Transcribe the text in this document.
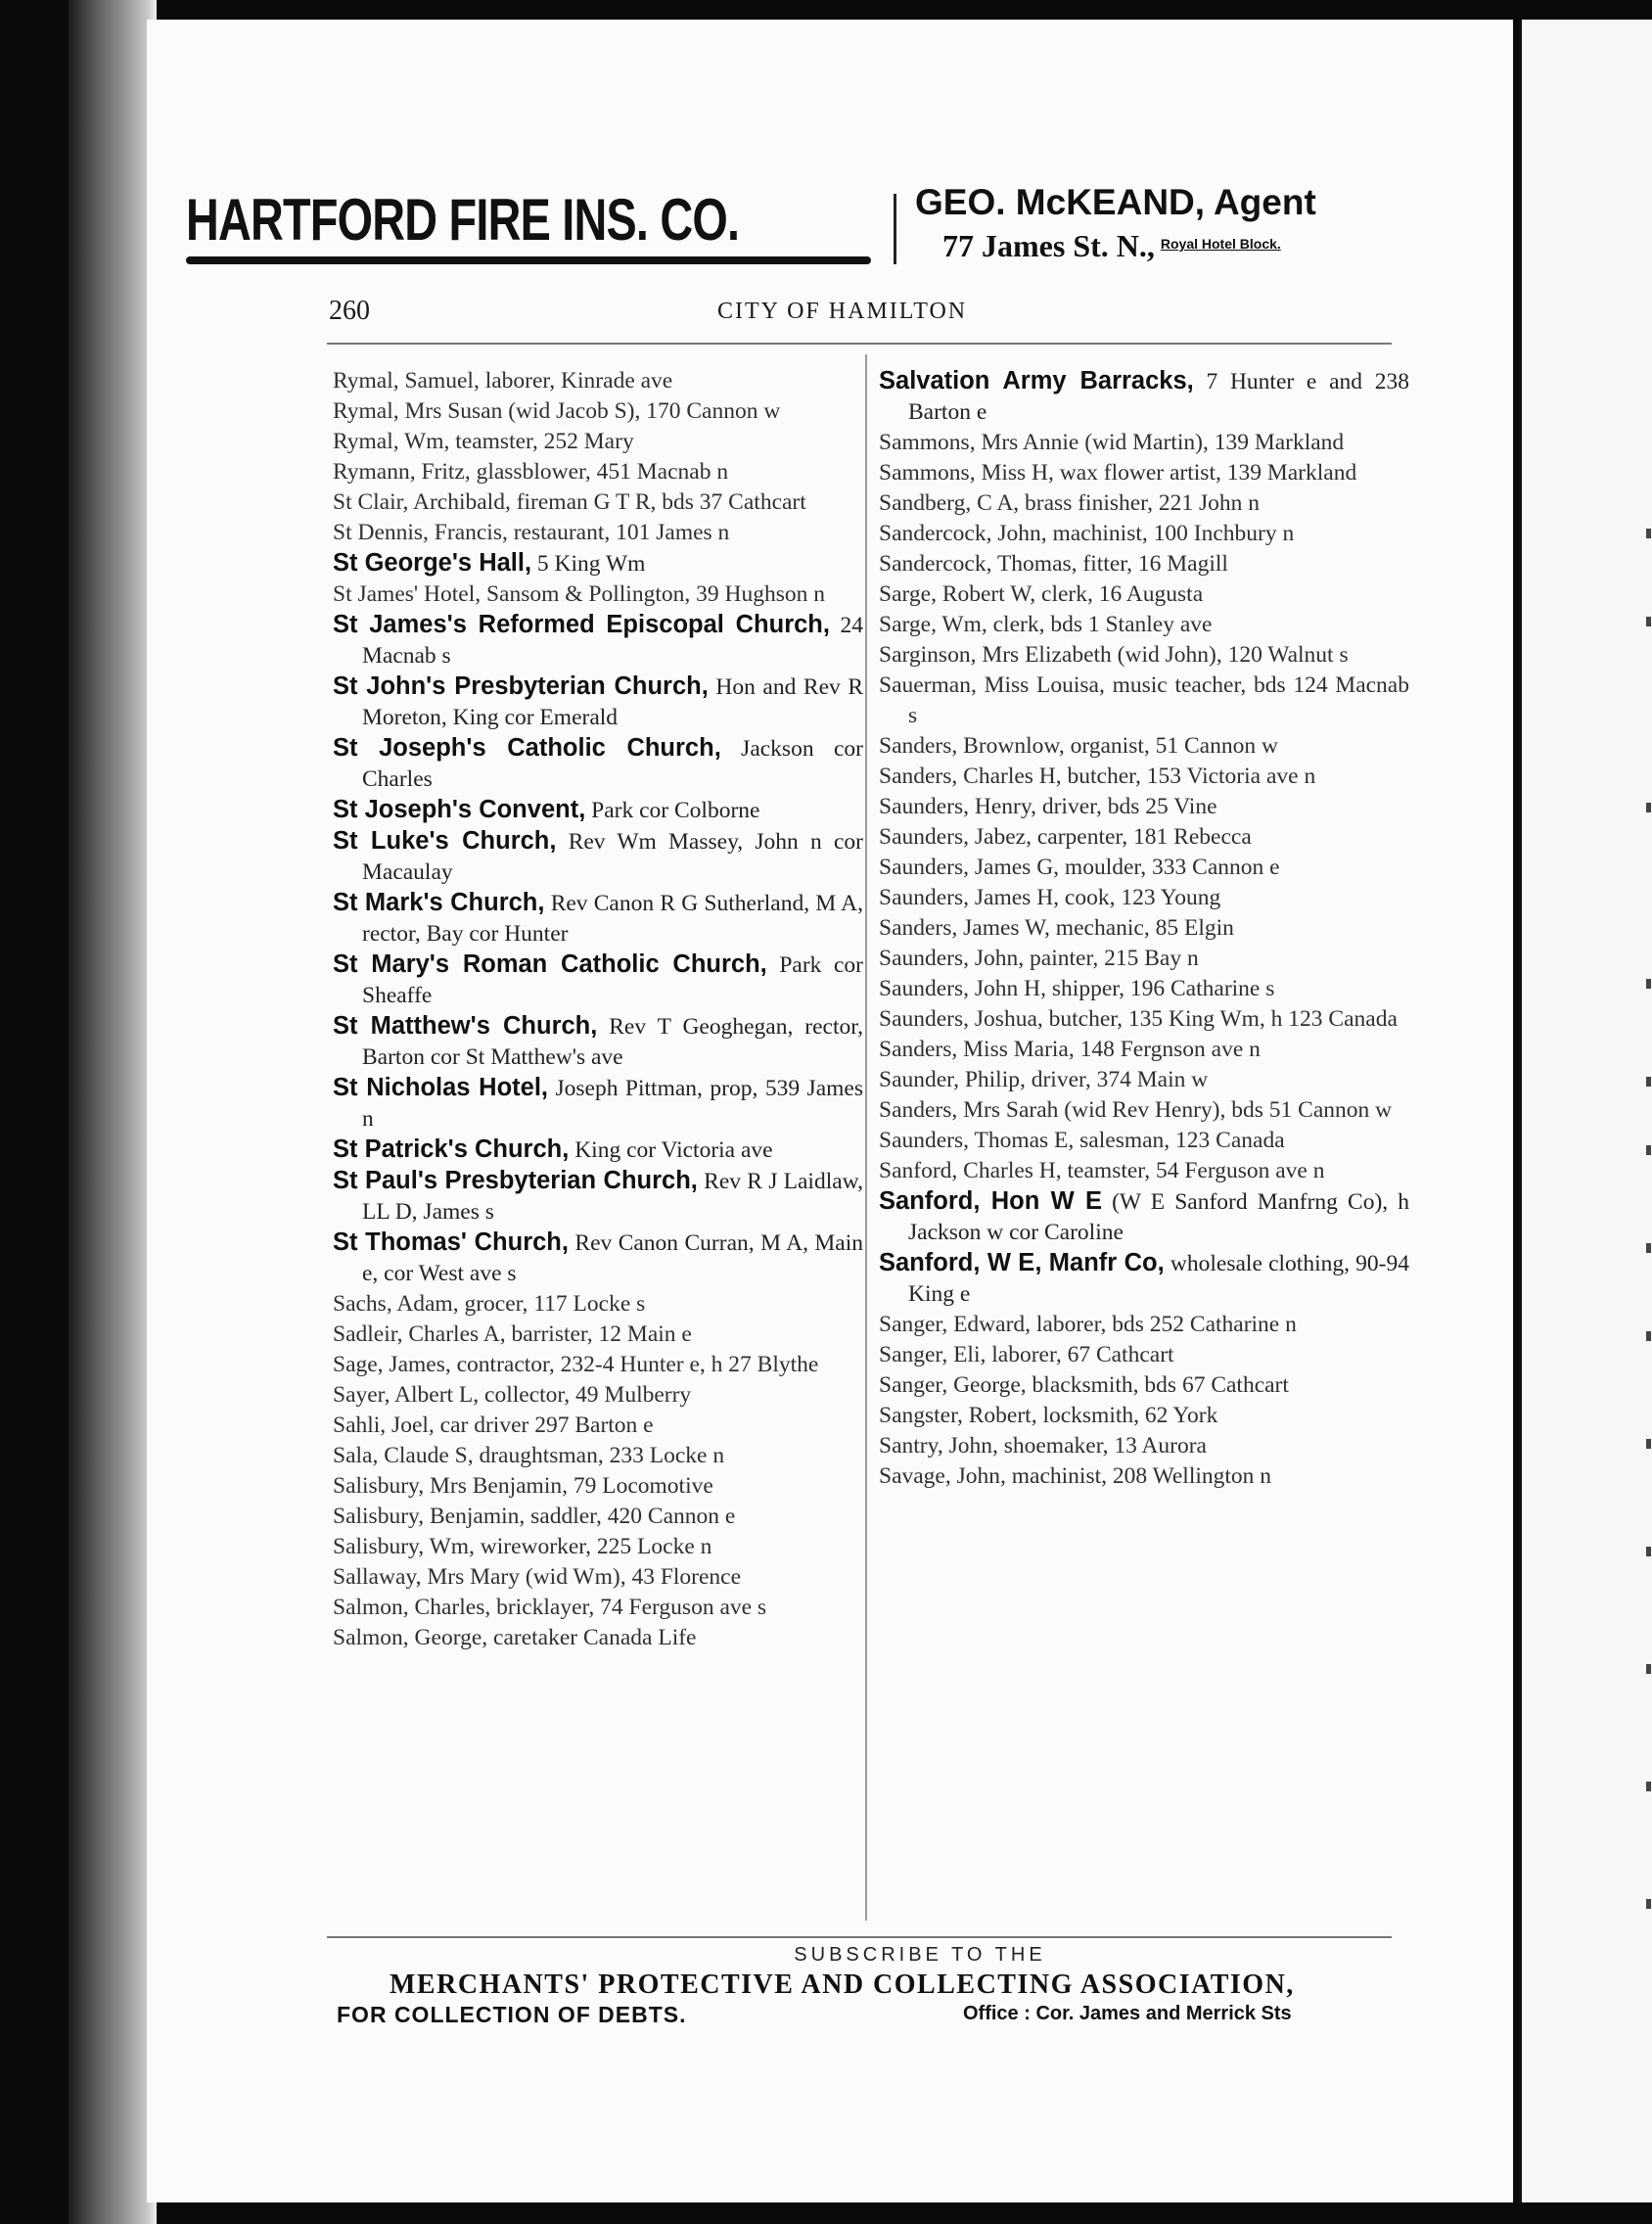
HARTFORD FIRE INS. CO.	GEO. McKEAND, Agent
77 James St. N., $^{Royal Hotel Block.}$
260	CITY OF HAMILTON

Rymal, Samuel, laborer, Kinrade ave

Rymal, Mrs Susan (wid Jacob S), 170 Cannon w

Rymal, Wm, teamster, 252 Mary

Rymann, Fritz, glassblower, 451 Macnab n

St Clair, Archibald, fireman G T R, bds 37 Cathcart

St Dennis, Francis, restaurant, 101 James n

St George's Hall, 5 King Wm

St James' Hotel, Sansom & Pollington, 39 Hughson n

St James's Reformed Episcopal Church, 24 Macnab s

St John's Presbyterian Church, Hon and Rev R Moreton, King cor Emerald

St Joseph's Catholic Church, Jackson cor Charles

St Joseph's Convent, Park cor Colborne

St Luke's Church, Rev Wm Massey, John n cor Macaulay

St Mark's Church, Rev Canon R G Sutherland, M A, rector, Bay cor Hunter

St Mary's Roman Catholic Church, Park cor Sheaffe

St Matthew's Church, Rev T Geoghegan, rector, Barton cor St Matthew's ave

St Nicholas Hotel, Joseph Pittman, prop, 539 James n

St Patrick's Church, King cor Victoria ave

St Paul's Presbyterian Church, Rev R J Laidlaw, LL D, James s

St Thomas' Church, Rev Canon Curran, M A, Main e, cor West ave s

Sachs, Adam, grocer, 117 Locke s

Sadleir, Charles A, barrister, 12 Main e

Sage, James, contractor, 232-4 Hunter e, h 27 Blythe

Sayer, Albert L, collector, 49 Mulberry

Sahli, Joel, car driver 297 Barton e

Sala, Claude S, draughtsman, 233 Locke n

Salisbury, Mrs Benjamin, 79 Locomotive

Salisbury, Benjamin, saddler, 420 Cannon e

Salisbury, Wm, wireworker, 225 Locke n

Sallaway, Mrs Mary (wid Wm), 43 Florence

Salmon, Charles, bricklayer, 74 Ferguson ave s

Salmon, George, caretaker Canada Life

Salvation Army Barracks, 7 Hunter e and 238 Barton e

Sammons, Mrs Annie (wid Martin), 139 Markland

Sammons, Miss H, wax flower artist, 139 Markland

Sandberg, C A, brass finisher, 221 John n

Sandercock, John, machinist, 100 Inchbury n

Sandercock, Thomas, fitter, 16 Magill

Sarge, Robert W, clerk, 16 Augusta

Sarge, Wm, clerk, bds 1 Stanley ave

Sarginson, Mrs Elizabeth (wid John), 120 Walnut s

Sauerman, Miss Louisa, music teacher, bds 124 Macnab s

Sanders, Brownlow, organist, 51 Cannon w

Sanders, Charles H, butcher, 153 Victoria ave n

Saunders, Henry, driver, bds 25 Vine

Saunders, Jabez, carpenter, 181 Rebecca

Saunders, James G, moulder, 333 Cannon e

Saunders, James H, cook, 123 Young

Sanders, James W, mechanic, 85 Elgin

Saunders, John, painter, 215 Bay n

Saunders, John H, shipper, 196 Catharine s

Saunders, Joshua, butcher, 135 King Wm, h 123 Canada

Sanders, Miss Maria, 148 Fergnson ave n

Saunder, Philip, driver, 374 Main w

Sanders, Mrs Sarah (wid Rev Henry), bds 51 Cannon w

Saunders, Thomas E, salesman, 123 Canada

Sanford, Charles H, teamster, 54 Ferguson ave n

Sanford, Hon W E (W E Sanford Manfrng Co), h Jackson w cor Caroline

Sanford, W E, Manfr Co, wholesale clothing, 90-94 King e

Sanger, Edward, laborer, bds 252 Catharine n

Sanger, Eli, laborer, 67 Cathcart

Sanger, George, blacksmith, bds 67 Cathcart

Sangster, Robert, locksmith, 62 York

Santry, John, shoemaker, 13 Aurora

Savage, John, machinist, 208 Wellington n

SUBSCRIBE TO THE
MERCHANTS' PROTECTIVE AND COLLECTING ASSOCIATION,
FOR COLLECTION OF DEBTS.	Office : Cor. James and Merrick Sts
